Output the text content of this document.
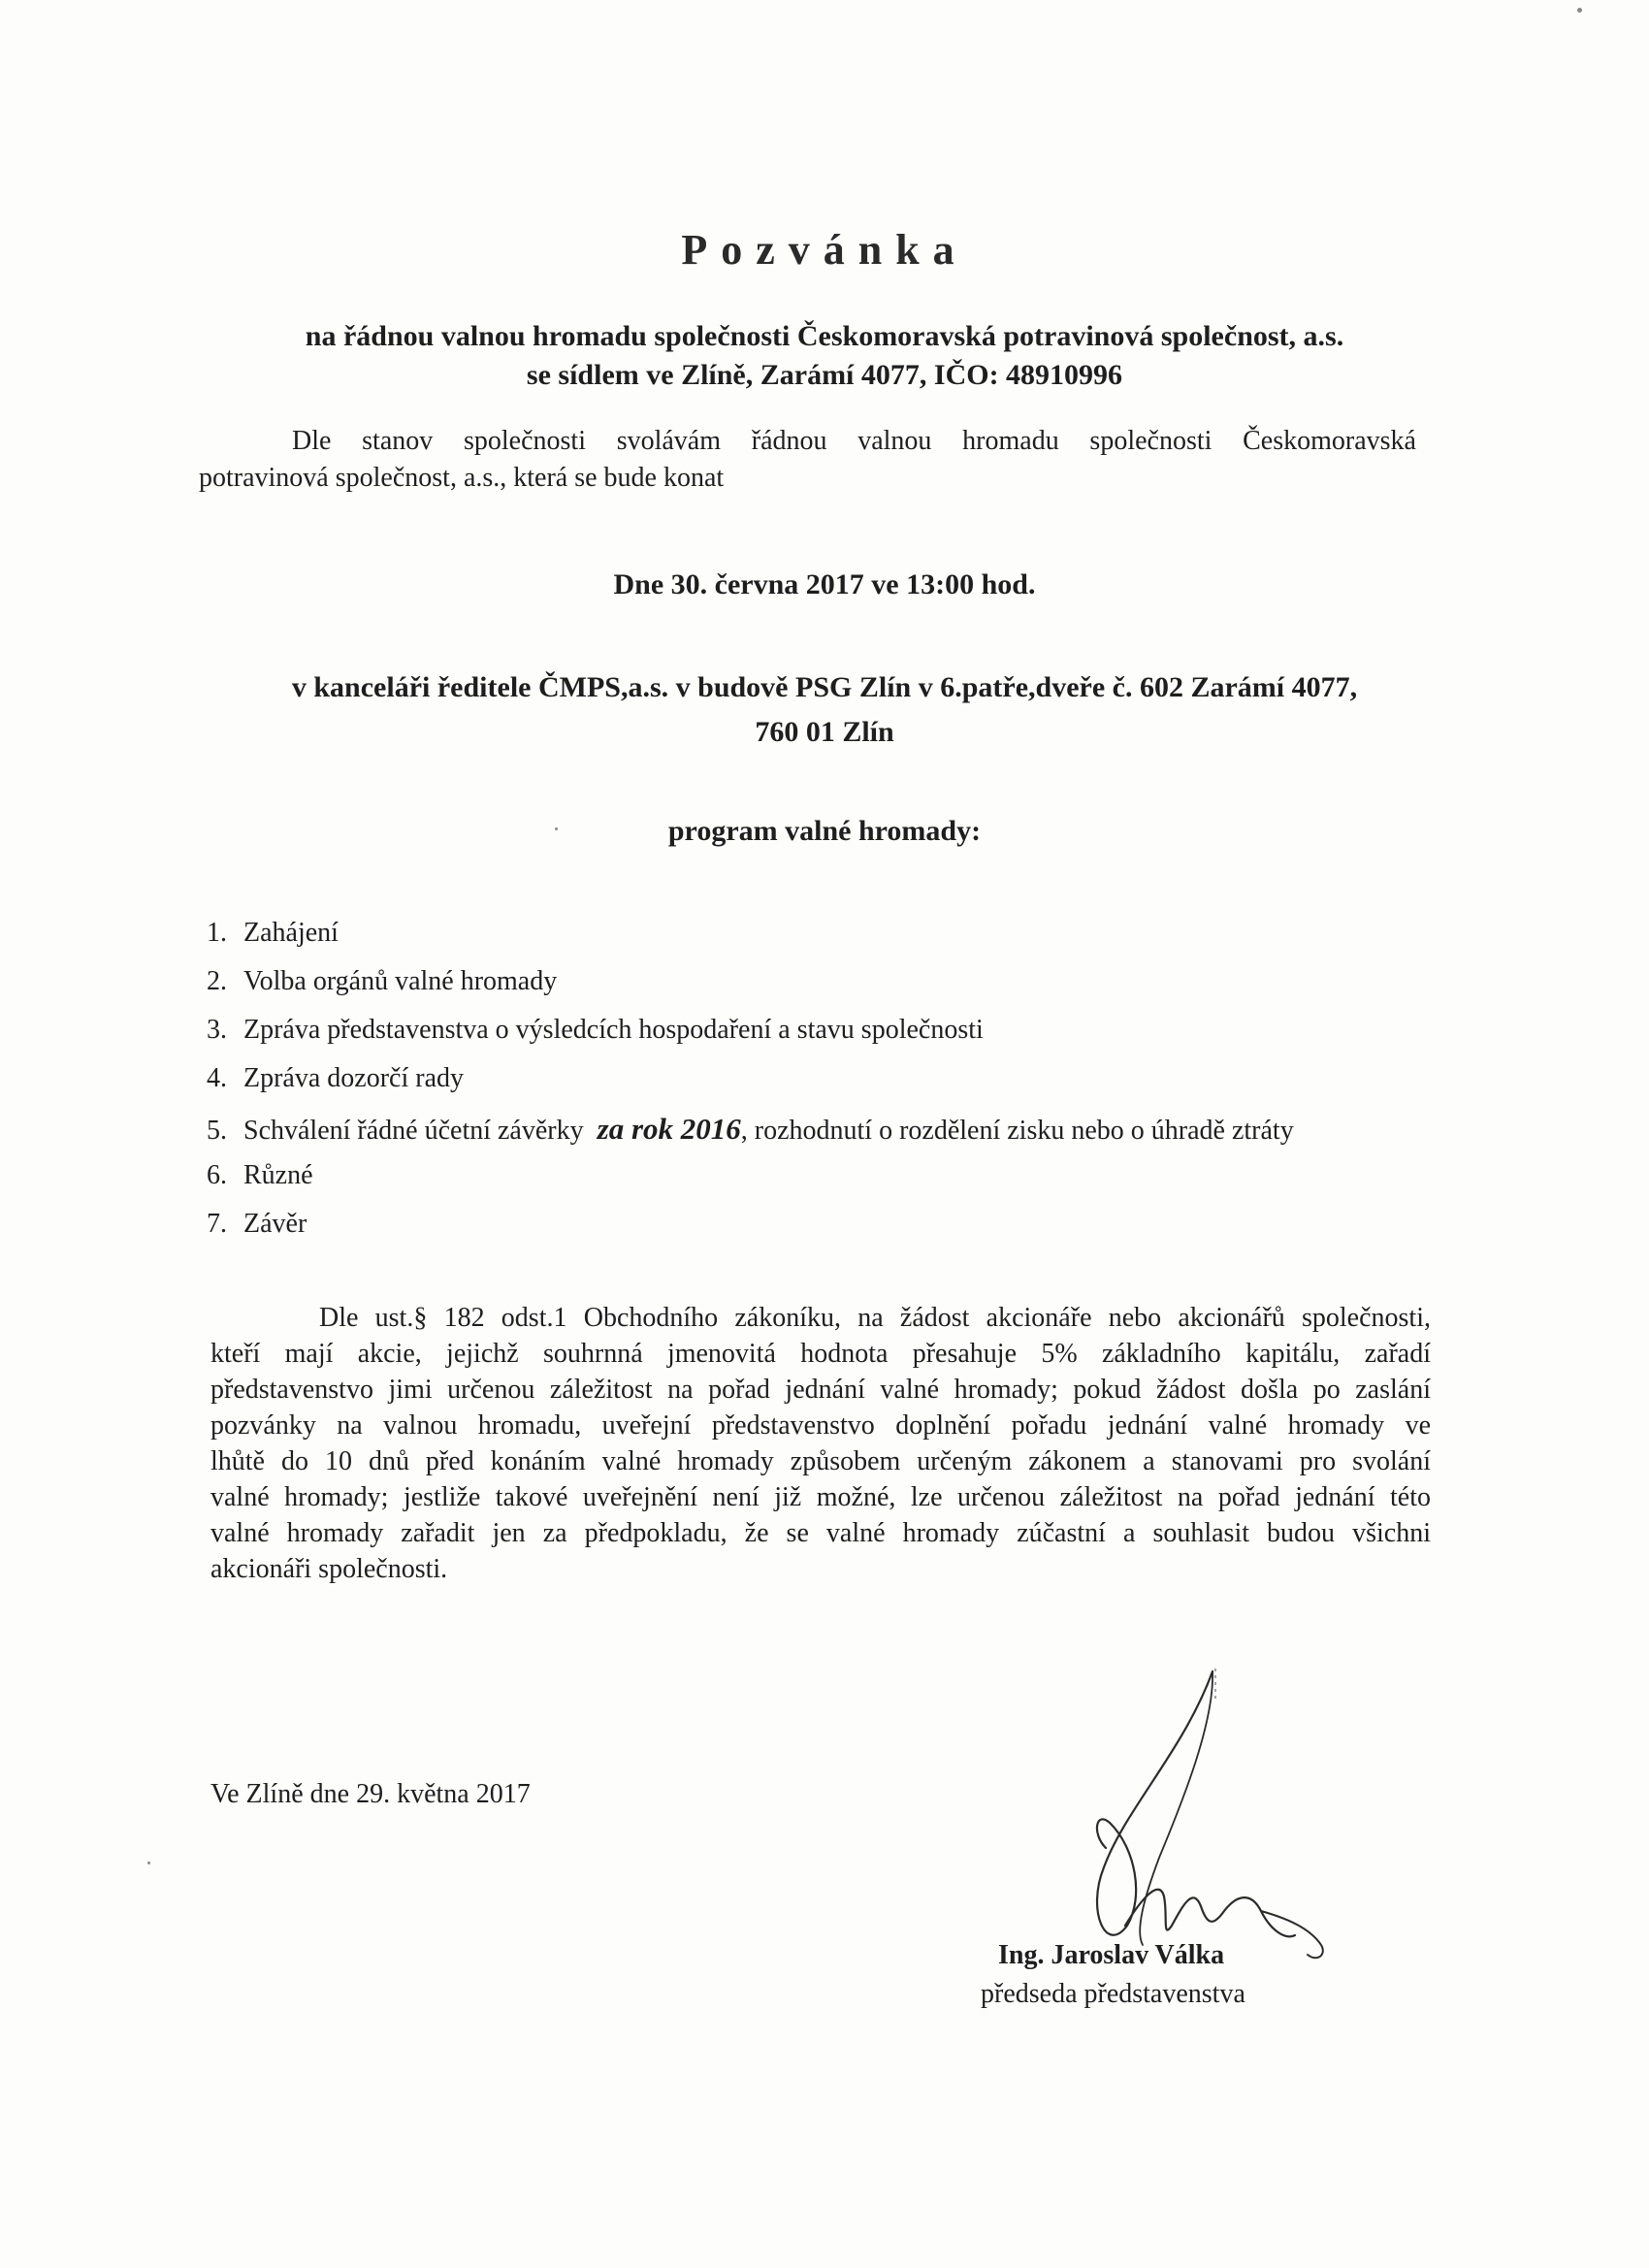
Pozvánka
na řádnou valnou hromadu společnosti Českomoravská potravinová společnost, a.s.
se sídlem ve Zlíně, Zarámí 4077, IČO: 48910996
Dle stanov společnosti svolávám řádnou valnou hromadu společnosti Českomoravská
potravinová společnost, a.s., která se bude konat
Dne 30. června 2017 ve 13:00 hod.
v kanceláři ředitele ČMPS,a.s. v budově PSG Zlín v 6.patře,dveře č. 602 Zarámí 4077,
760 01 Zlín
program valné hromady:
1. Zahájení
2. Volba orgánů valné hromady
3. Zpráva představenstva o výsledcích hospodaření a stavu společnosti
4. Zpráva dozorčí rady
5. Schválení řádné účetní závěrky za rok 2016, rozhodnutí o rozdělení zisku nebo o úhradě ztráty
6. Různé
7. Závěr
Dle ust.§ 182 odst.1 Obchodního zákoníku, na žádost akcionáře nebo akcionářů společnosti,
kteří mají akcie, jejichž souhrnná jmenovitá hodnota přesahuje 5% základního kapitálu, zařadí
představenstvo jimi určenou záležitost na pořad jednání valné hromady; pokud žádost došla po zaslání
pozvánky na valnou hromadu, uveřejní představenstvo doplnění pořadu jednání valné hromady ve
lhůtě do 10 dnů před konáním valné hromady způsobem určeným zákonem a stanovami pro svolání
valné hromady; jestliže takové uveřejnění není již možné, lze určenou záležitost na pořad jednání této
valné hromady zařadit jen za předpokladu, že se valné hromady zúčastní a souhlasit budou všichni
akcionáři společnosti.
Ve Zlíně dne 29. května 2017
Ing. Jaroslav Válka
předseda představenstva
